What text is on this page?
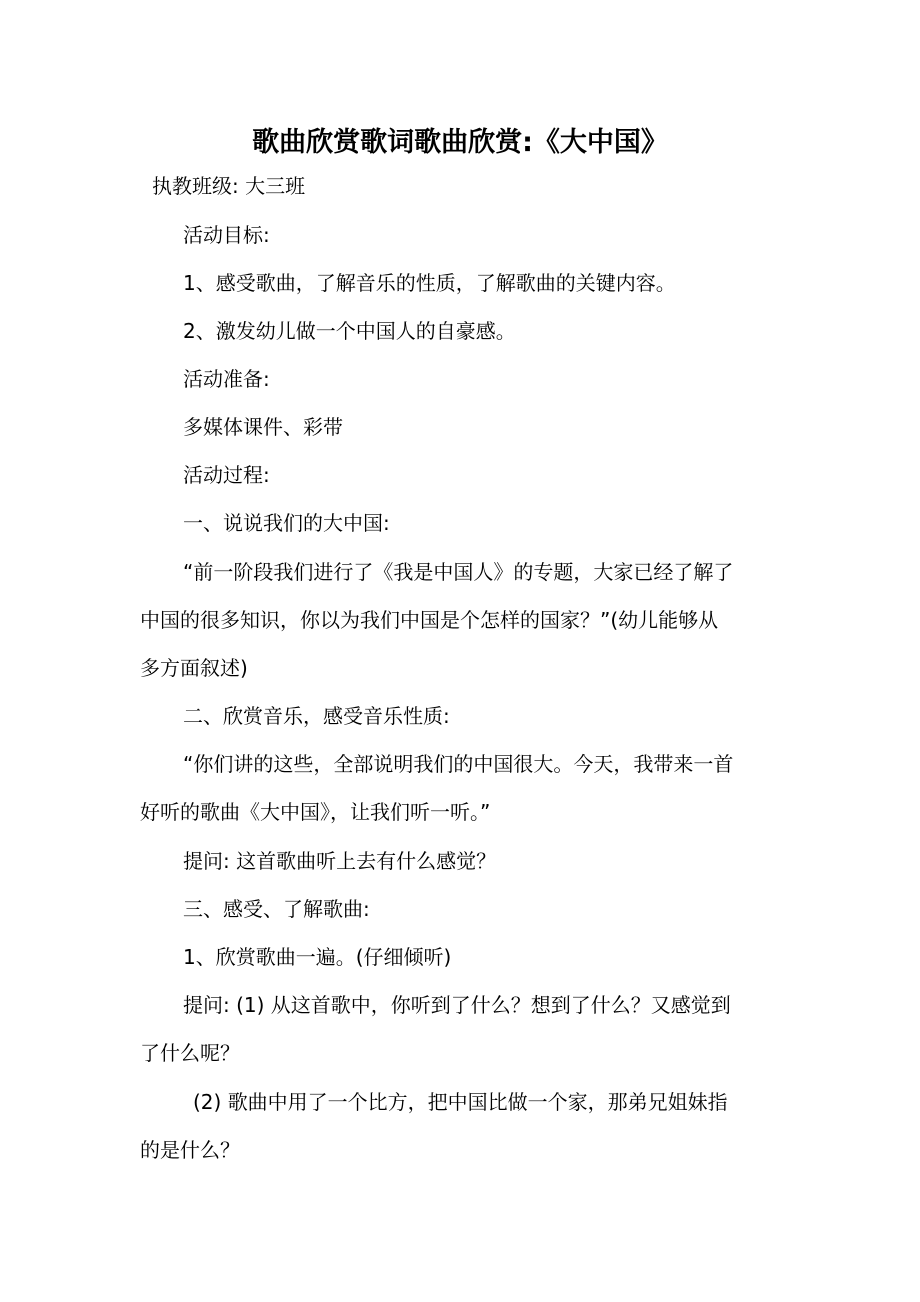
歌曲欣赏歌词歌曲欣赏:《大中国》
执教班级: 大三班
活动目标:
1、感受歌曲，了解音乐的性质，了解歌曲的关键内容。
2、激发幼儿做一个中国人的自豪感。
活动准备:
多媒体课件、彩带
活动过程:
一、说说我们的大中国:
“前一阶段我们进行了《我是中国人》的专题，大家已经了解了
中国的很多知识，你以为我们中国是个怎样的国家？”(幼儿能够从
多方面叙述)
二、欣赏音乐，感受音乐性质:
“你们讲的这些，全部说明我们的中国很大。今天，我带来一首
好听的歌曲《大中国》，让我们听一听。”
提问: 这首歌曲听上去有什么感觉？
三、感受、了解歌曲:
1、欣赏歌曲一遍。(仔细倾听)
提问: (1) 从这首歌中，你听到了什么？想到了什么？又感觉到
了什么呢？
(2) 歌曲中用了一个比方，把中国比做一个家，那弟兄姐妹指
的是什么？
